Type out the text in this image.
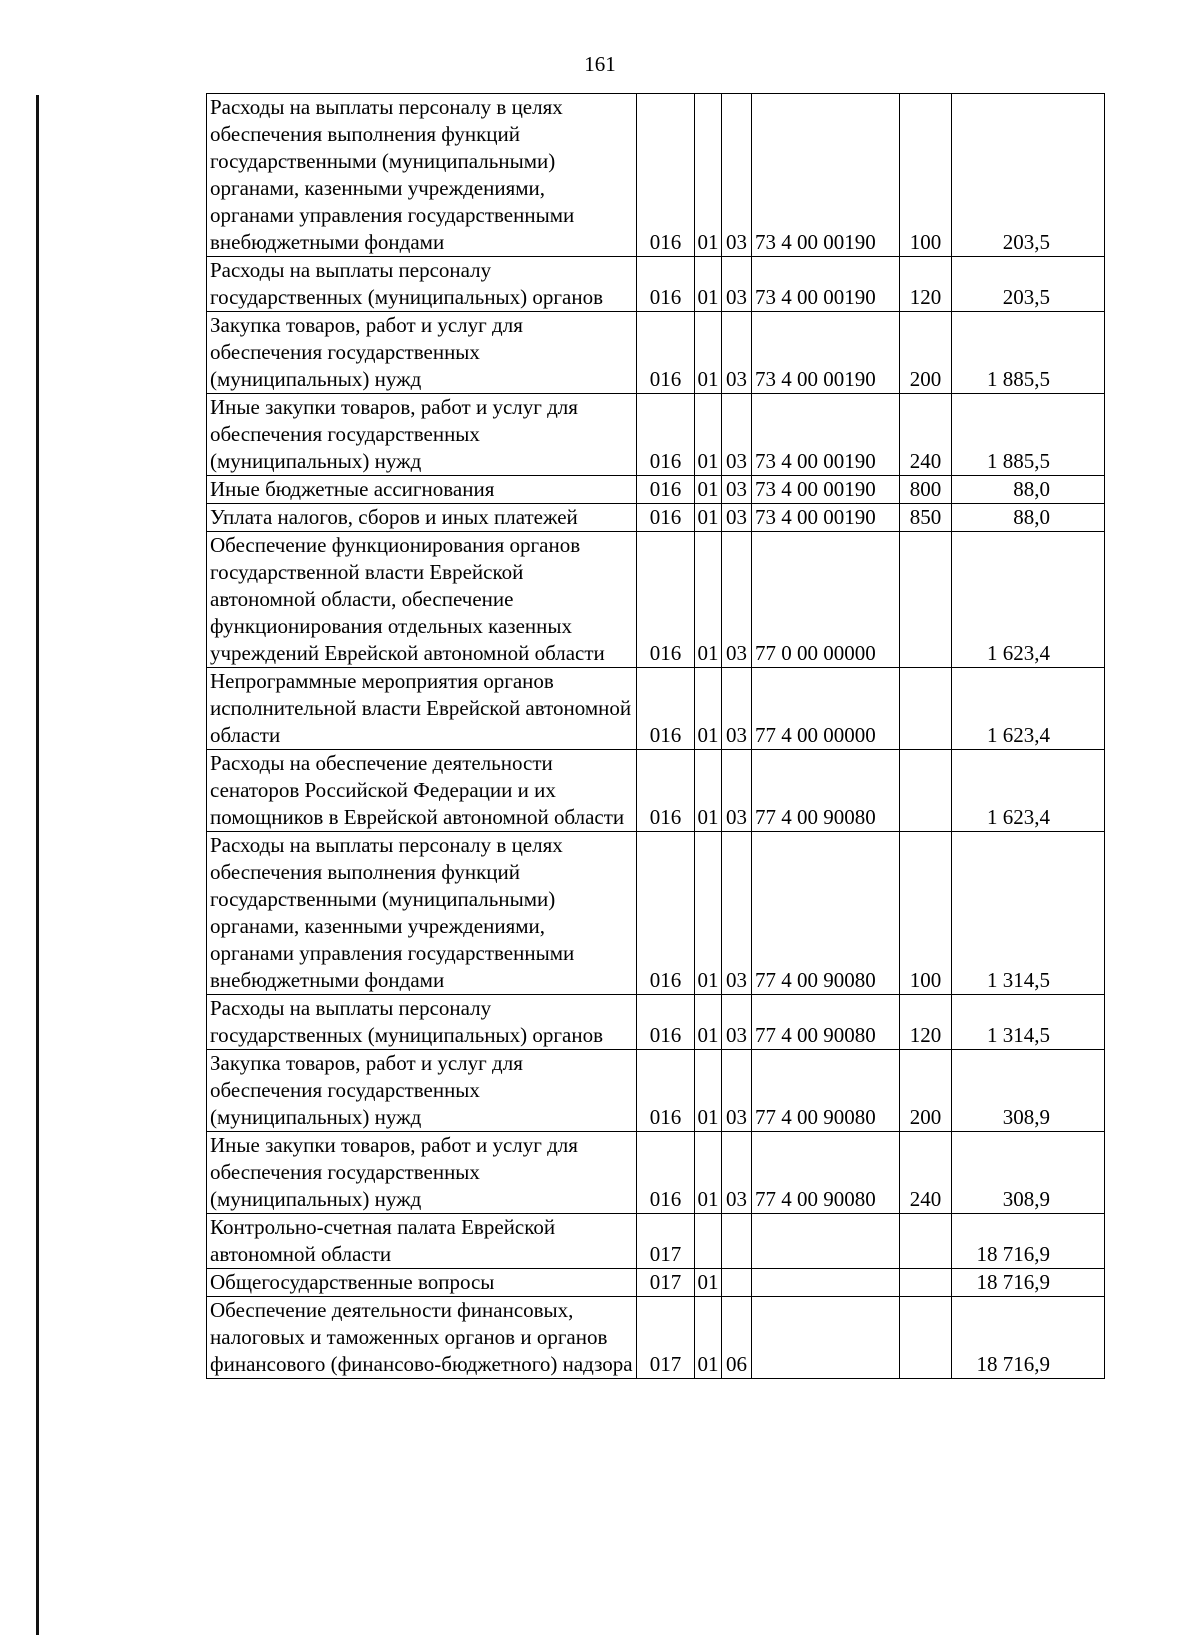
161
Расходы на выплаты персоналу в целях обеспечения выполнения функций государственными (муниципальными) органами, казенными учреждениями, органами управления государственными внебюджетными фондами	016	01	03	73 4 00 00190	100	203,5
Расходы на выплаты персоналу государственных (муниципальных) органов	016	01	03	73 4 00 00190	120	203,5
Закупка товаров, работ и услуг для обеспечения государственных (муниципальных) нужд	016	01	03	73 4 00 00190	200	1 885,5
Иные закупки товаров, работ и услуг для обеспечения государственных (муниципальных) нужд	016	01	03	73 4 00 00190	240	1 885,5
Иные бюджетные ассигнования	016	01	03	73 4 00 00190	800	88,0
Уплата налогов, сборов и иных платежей	016	01	03	73 4 00 00190	850	88,0
Обеспечение функционирования органов государственной власти Еврейской автономной области, обеспечение функционирования отдельных казенных учреждений Еврейской автономной области	016	01	03	77 0 00 00000		1 623,4
Непрограммные мероприятия органов исполнительной власти Еврейской автономной области	016	01	03	77 4 00 00000		1 623,4
Расходы на обеспечение деятельности сенаторов Российской Федерации и их помощников в Еврейской автономной области	016	01	03	77 4 00 90080		1 623,4
Расходы на выплаты персоналу в целях обеспечения выполнения функций государственными (муниципальными) органами, казенными учреждениями, органами управления государственными внебюджетными фондами	016	01	03	77 4 00 90080	100	1 314,5
Расходы на выплаты персоналу государственных (муниципальных) органов	016	01	03	77 4 00 90080	120	1 314,5
Закупка товаров, работ и услуг для обеспечения государственных (муниципальных) нужд	016	01	03	77 4 00 90080	200	308,9
Иные закупки товаров, работ и услуг для обеспечения государственных (муниципальных) нужд	016	01	03	77 4 00 90080	240	308,9
Контрольно-счетная палата Еврейской автономной области	017					18 716,9
Общегосударственные вопросы	017	01				18 716,9
Обеспечение деятельности финансовых, налоговых и таможенных органов и органов финансового (финансово-бюджетного) надзора	017	01	06			18 716,9
